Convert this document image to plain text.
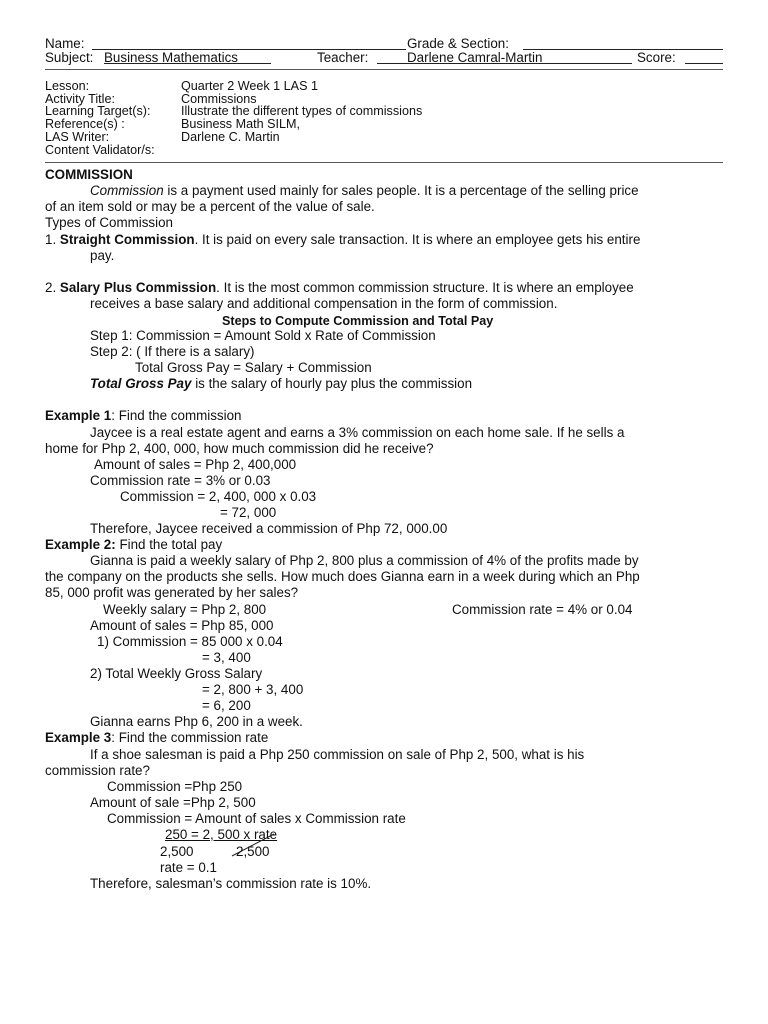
Name:	Grade & Section:
Subject: Business Mathematics	Teacher:	Darlene Camral-Martin	Score:
Lesson:	Quarter 2 Week 1 LAS 1
Activity Title:	Commissions
Learning Target(s): Illustrate the different types of commissions
Reference(s) :	Business Math SILM,
LAS Writer:	Darlene C. Martin
Content Validator/s:
COMMISSION
Commission is a payment used mainly for sales people. It is a percentage of the selling price
of an item sold or may be a percent of the value of sale.
Types of Commission
1. Straight Commission. It is paid on every sale transaction. It is where an employee gets his entire
pay.
2. Salary Plus Commission. It is the most common commission structure. It is where an employee
receives a base salary and additional compensation in the form of commission.
Steps to Compute Commission and Total Pay
Step 1: Commission = Amount Sold x Rate of Commission
Step 2: ( If there is a salary)
Total Gross Pay = Salary + Commission
Total Gross Pay is the salary of hourly pay plus the commission
Example 1: Find the commission
Jaycee is a real estate agent and earns a 3% commission on each home sale. If he sells a
home for Php 2, 400, 000, how much commission did he receive?
Amount of sales = Php 2, 400,000
Commission rate = 3% or 0.03
Commission = 2, 400, 000 x 0.03
= 72, 000
Therefore, Jaycee received a commission of Php 72, 000.00
Example 2: Find the total pay
Gianna is paid a weekly salary of Php 2, 800 plus a commission of 4% of the profits made by
the company on the products she sells. How much does Gianna earn in a week during which an Php
85, 000 profit was generated by her sales?
Weekly salary = Php 2, 800	Commission rate = 4% or 0.04
Amount of sales = Php 85, 000
1) Commission = 85 000 x 0.04
= 3, 400
2) Total Weekly Gross Salary
= 2, 800 + 3, 400
= 6, 200
Gianna earns Php 6, 200 in a week.
Example 3: Find the commission rate
If a shoe salesman is paid a Php 250 commission on sale of Php 2, 500, what is his
commission rate?
Commission =Php 250
Amount of sale =Php 2, 500
Commission = Amount of sales x Commission rate
250 = 2, 500 x rate
2,500	2,500
rate = 0.1
Therefore, salesman’s commission rate is 10%.
